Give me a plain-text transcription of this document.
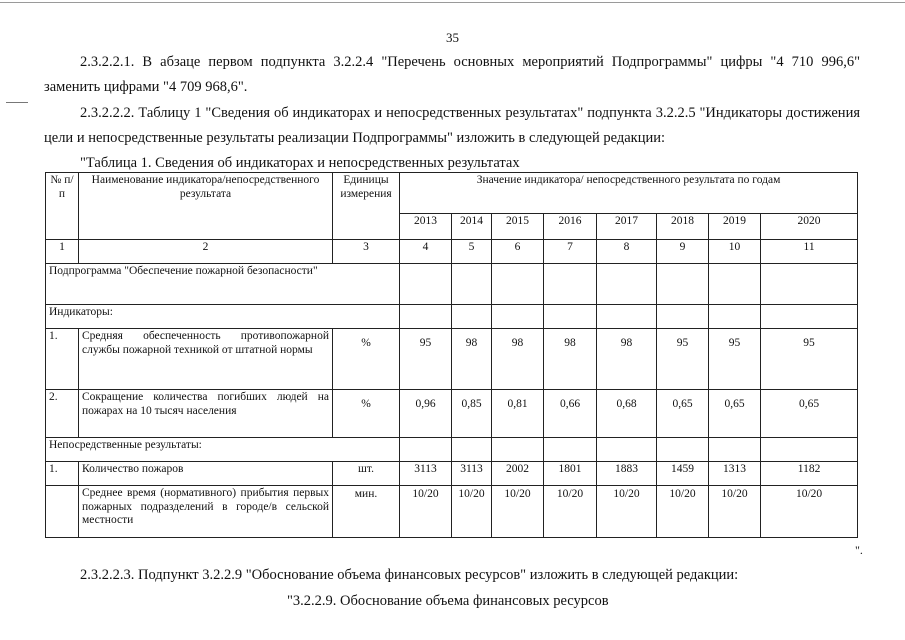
35
2.3.2.2.1. В абзаце первом подпункта 3.2.2.4 "Перечень основных мероприятий Подпрограммы" цифры "4 710 996,6" заменить цифрами "4 709 968,6".
2.3.2.2.2. Таблицу 1 "Сведения об индикаторах и непосредственных результатах" подпункта 3.2.2.5 "Индикаторы достижения цели и непосредственные результаты реализации Подпрограммы" изложить в следующей редакции:
"Таблица 1. Сведения об индикаторах и непосредственных результатах
№ п/п	Наименование индикатора/непосредственного результата	Единицы измерения	Значение индикатора/ непосредственного результата по годам							
			2013	2014	2015	2016	2017	2018	2019	2020
1	2	3	4	5	6	7	8	9	10	11
Подпрограмма "Обеспечение пожарной безопасности"										
Индикаторы:										
1.	Средняя обеспеченность противопожарной службы пожарной техникой от штатной нормы	%	95	98	98	98	98	95	95	95
2.	Сокращение количества погибших людей на пожарах на 10 тысяч населения	%	0,96	0,85	0,81	0,66	0,68	0,65	0,65	0,65
Непосредственные результаты:										
1.	Количество пожаров	шт.	3113	3113	2002	1801	1883	1459	1313	1182
	Среднее время (нормативного) прибытия первых пожарных подразделений в городе/в сельской местности	мин.	10/20	10/20	10/20	10/20	10/20	10/20	10/20	10/20
".
2.3.2.2.3. Подпункт 3.2.2.9 "Обоснование объема финансовых ресурсов" изложить в следующей редакции:
"3.2.2.9. Обоснование объема финансовых ресурсов
